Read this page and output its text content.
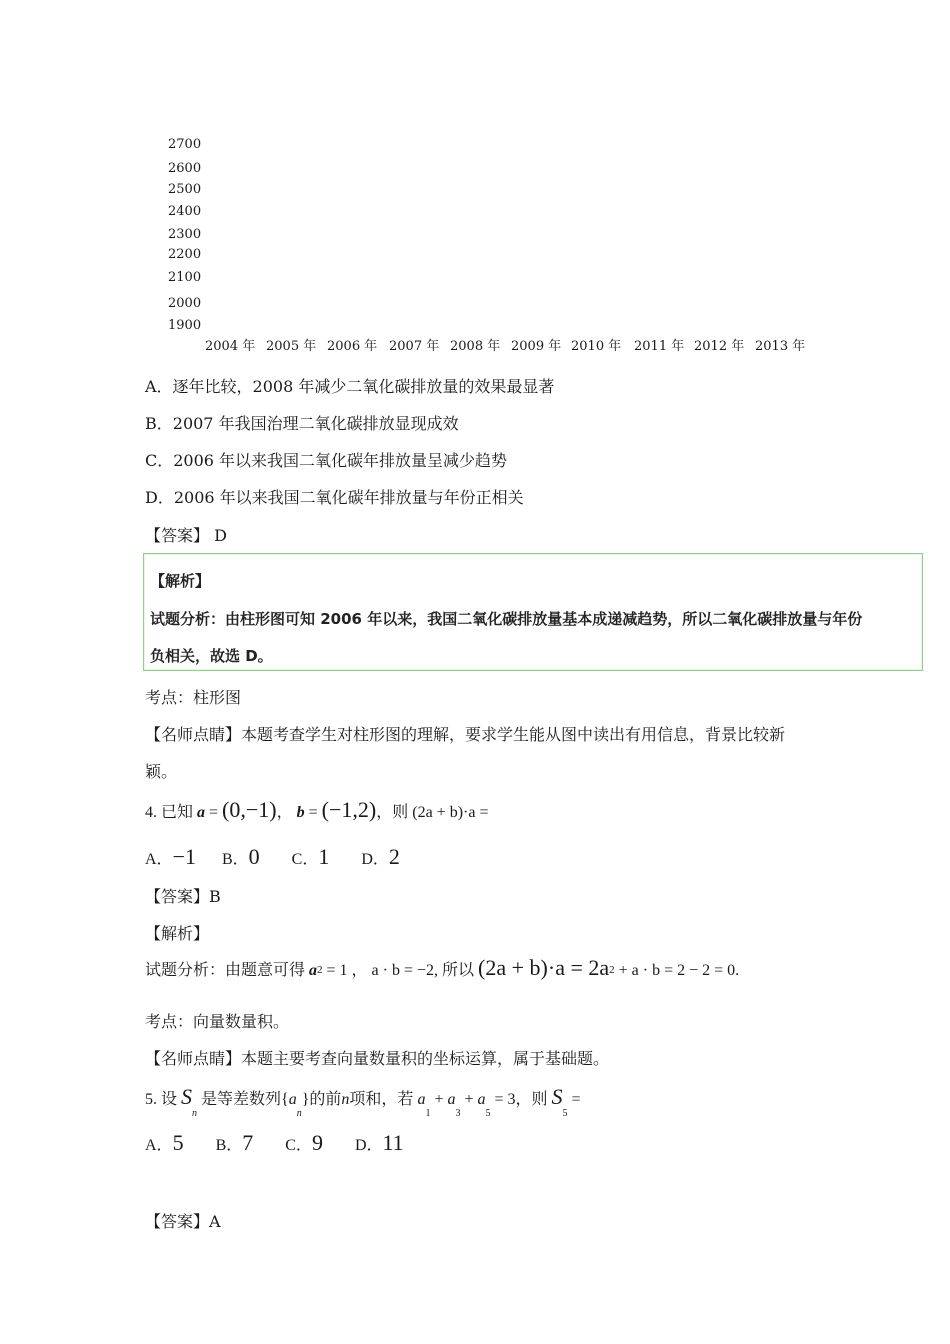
2700
2600
2500
2400
2300
2200
2100
2000
1900
2004 年 2005 年 2006 年 2007 年 2008 年 2009 年 2010 年 2011 年 2012 年 2013 年
A．逐年比较，2008 年减少二氧化碳排放量的效果最显著
B．2007 年我国治理二氧化碳排放显现成效
C．2006 年以来我国二氧化碳年排放量呈减少趋势
D．2006 年以来我国二氧化碳年排放量与年份正相关
【答案】 D
【解析】
试题分析：由柱形图可知 2006 年以来，我国二氧化碳排放量基本成递减趋势，所以二氧化碳排放量与年份
负相关，故选 D。
考点：柱形图
【名师点睛】本题考查学生对柱形图的理解，要求学生能从图中读出有用信息，背景比较新
颖。
4. 已知 a = (0,−1)， b = (−1,2)，则 (2a + b)·a =
A．−1 B．0 C．1 D．2
【答案】B
【解析】
试题分析：由题意可得 a2 = 1 ， a · b = −2, 所以 (2a + b)·a = 2a2 + a · b = 2 − 2 = 0.
考点：向量数量积。
【名师点睛】本题主要考查向量数量积的坐标运算，属于基础题。
5. 设 $S_n$ 是等差数列$\{a_n\}$的前n项和，若 $a_1 + a_3 + a_5 = 3$，则 $S_5$ =
A．5 B．7 C．9 D．11
【答案】A
